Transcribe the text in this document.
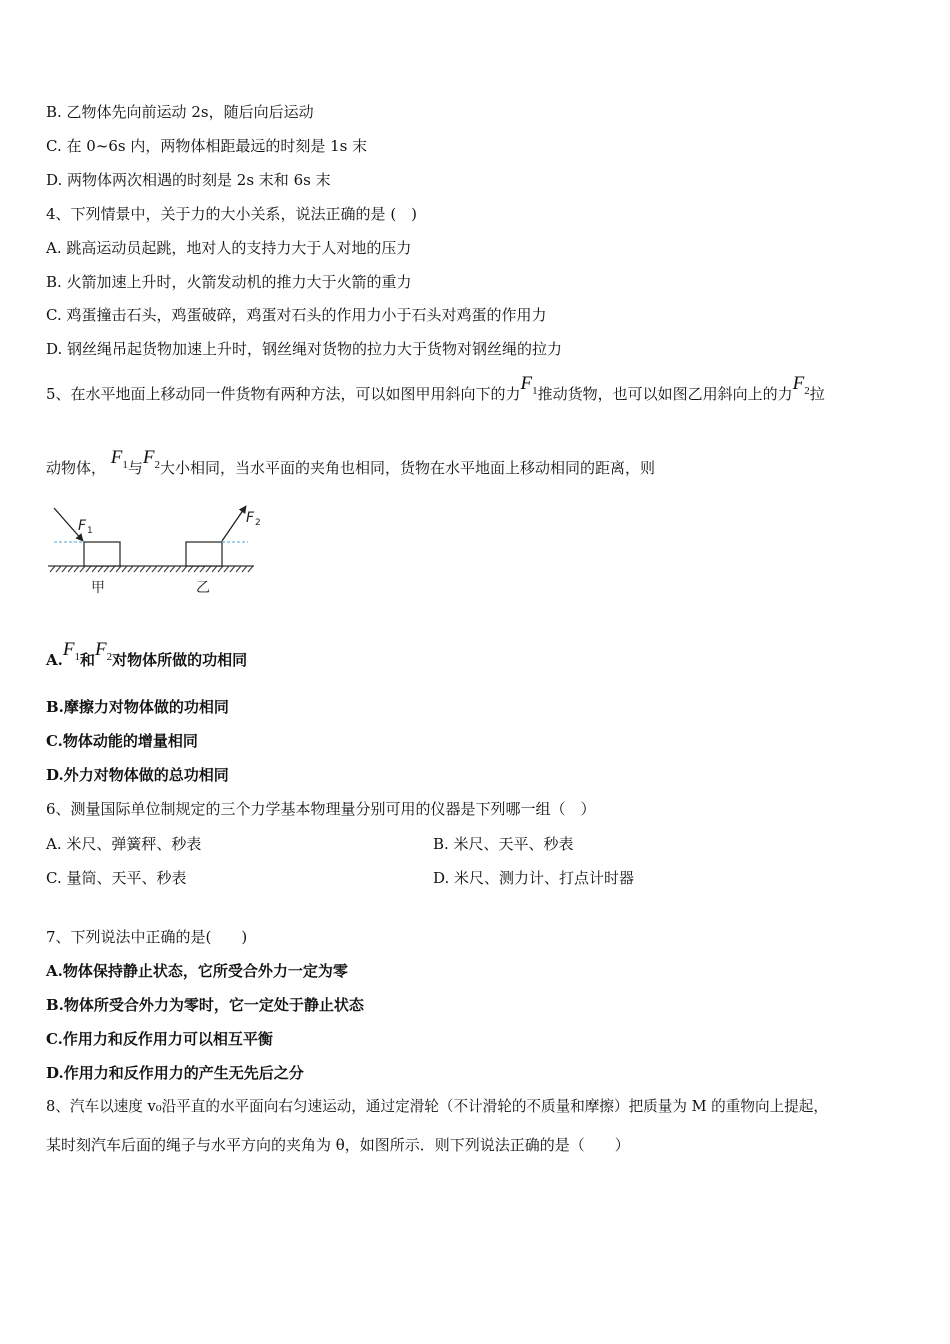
B. 乙物体先向前运动 2s，随后向后运动
C. 在 0~6s 内，两物体相距最远的时刻是 1s 末
D. 两物体两次相遇的时刻是 2s 末和 6s 末
4、下列情景中，关于力的大小关系，说法正确的是 (　)
A. 跳高运动员起跳，地对人的支持力大于人对地的压力
B. 火箭加速上升时，火箭发动机的推力大于火箭的重力
C. 鸡蛋撞击石头，鸡蛋破碎，鸡蛋对石头的作用力小于石头对鸡蛋的作用力
D. 钢丝绳吊起货物加速上升时，钢丝绳对货物的拉力大于货物对钢丝绳的拉力
5、在水平地面上移动同一件货物有两种方法，可以如图甲用斜向下的力$F_1$推动货物，也可以如图乙用斜向上的力$F_2$拉
动物体， $F_1$与$F_2$大小相同，当水平面的夹角也相同，货物在水平地面上移动相同的距离，则
F 1
F 2
甲	乙
$A.F_1$和$F_2$对物体所做的功相同
B.摩擦力对物体做的功相同
C.物体动能的增量相同
D.外力对物体做的总功相同
6、测量国际单位制规定的三个力学基本物理量分别可用的仪器是下列哪一组（　）
A. 米尺、弹簧秤、秒表	B. 米尺、天平、秒表
C. 量筒、天平、秒表	D. 米尺、测力计、打点计时器
7、下列说法中正确的是(　　)
A.物体保持静止状态，它所受合外力一定为零
B.物体所受合外力为零时，它一定处于静止状态
C.作用力和反作用力可以相互平衡
D.作用力和反作用力的产生无先后之分
8、汽车以速度 v₀沿平直的水平面向右匀速运动，通过定滑轮（不计滑轮的不质量和摩擦）把质量为 M 的重物向上提起，
某时刻汽车后面的绳子与水平方向的夹角为 θ，如图所示．则下列说法正确的是（　　）
